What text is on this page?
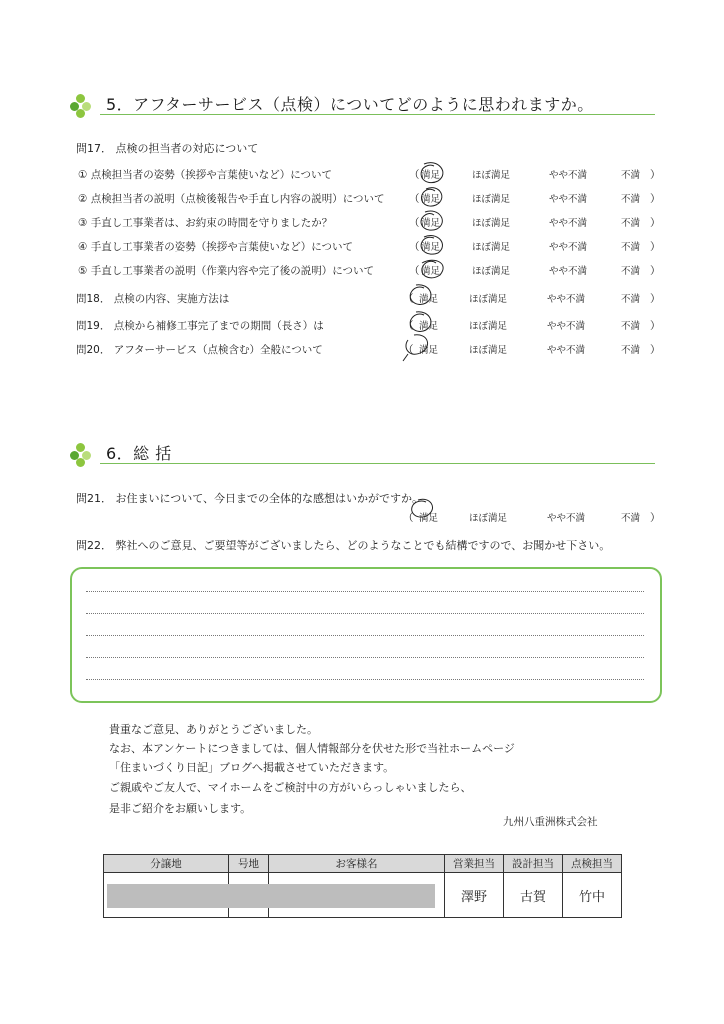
5．アフターサービス（点検）についてどのように思われますか。
問17． 点検の担当者の対応について
① 点検担当者の姿勢（挨拶や言葉使いなど）について	（ 満足	ほぼ満足	やや不満	不満 ）
② 点検担当者の説明（点検後報告や手直し内容の説明）について （ 満足	ほぼ満足	やや不満	不満 ）
③ 手直し工事業者は、お約束の時間を守りましたか？	（ 満足	ほぼ満足	やや不満	不満 ）
④ 手直し工事業者の姿勢（挨拶や言葉使いなど）について	（ 満足	ほぼ満足	やや不満	不満 ）
⑤ 手直し工事業者の説明（作業内容や完了後の説明）について	（ 満足	ほぼ満足	やや不満	不満 ）
問18． 点検の内容、実施方法は	（ 満足	ほぼ満足	やや不満	不満 ）
問19． 点検から補修工事完了までの期間（長さ）は	（ 満足	ほぼ満足	やや不満	不満 ）
問20． アフターサービス（点検含む）全般について	（ 満足	ほぼ満足	やや不満	不満 ）
6．総 括
問21． お住まいについて、今日までの全体的な感想はいかがですか。
（ 満足	ほぼ満足	やや不満	不満 ）
問22． 弊社へのご意見、ご要望等がございましたら、どのようなことでも結構ですので、お聞かせ下さい。
貴重なご意見、ありがとうございました。
なお、本アンケートにつきましては、個人情報部分を伏せた形で当社ホームページ
「住まいづくり日記」ブログへ掲載させていただきます。
ご親戚やご友人で、マイホームをご検討中の方がいらっしゃいましたら、
是非ご紹介をお願いします。
九州八重洲株式会社
分譲地	号地	お客様名	営業担当	設計担当	点検担当
			澤野	古賀	竹中
